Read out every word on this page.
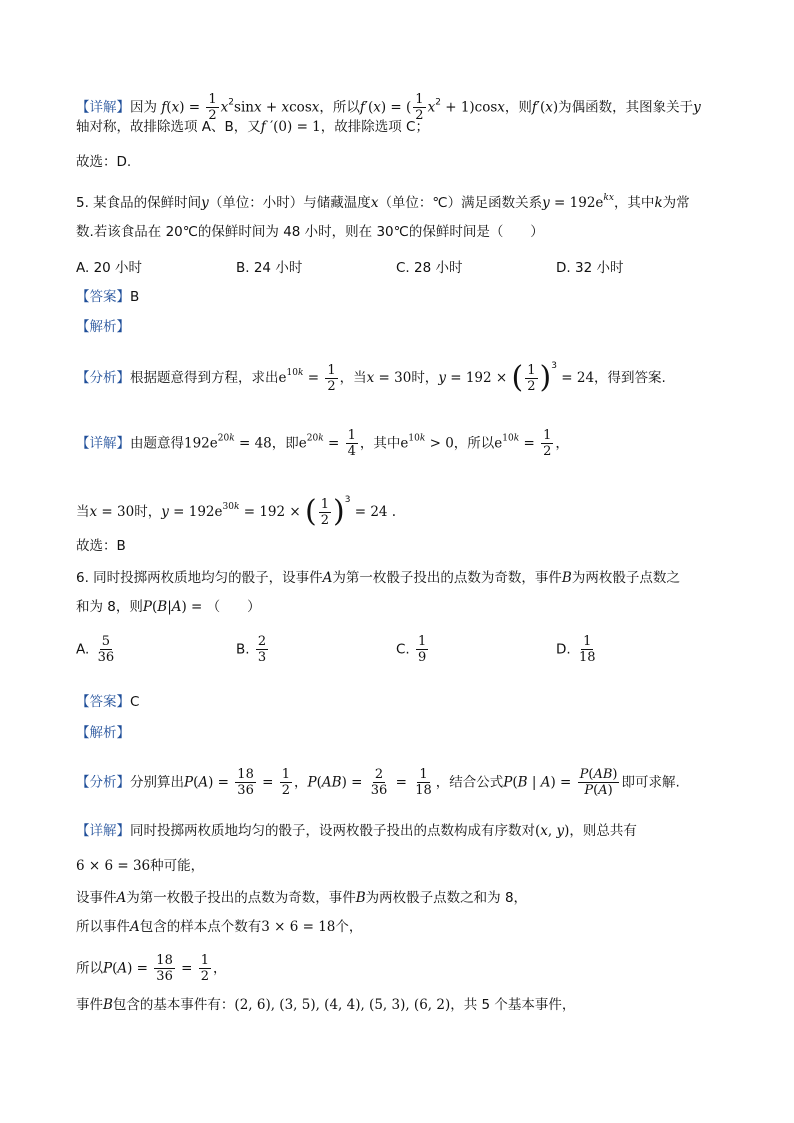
【详解】因为 $f(x) = \frac{1}{2} x^2\sin x + xcosx$，所以f′(x) = ( $\frac{1}{2} x^2 + 1)\cos x$，则f′(x)为偶函数，其图象关于y
轴对称，故排除选项 A、B，又f ′(0) = 1，故排除选项 C；
故选：D.
5. 某食品的保鲜时间y（单位：小时）与储藏温度x（单位：℃）满足函数关系$y = 192e^{kx}$，其中k为常
数.若该食品在 20℃的保鲜时间为 48 小时，则在 30℃的保鲜时间是（　　）
A. 20 小时	B. 24 小时	C. 28 小时	D. 32 小时
【答案】B
【解析】
【分析】根据题意得到方程，求出$e^{10k} = \frac{1}{2}$ ，当x = 30时，y = 192 × ( $\frac{1}{2} )^3 = 24$，得到答案.
【详解】由题意得$192e^{20k} = 48$，即$e^{20k} = \frac{1}{4}$ ，其中$e^{10k} > 0$，所以$e^{10k} = \frac{1}{2}$ ，
当x = 30时，$y = 192e^{30k} = 192$ × ( $\frac{1}{2} )^3 = 24$ .
故选：B
6. 同时投掷两枚质地均匀的骰子，设事件A为第一枚骰子投出的点数为奇数，事件B为两枚骰子点数之
和为 8，则P(B|A) = （　　）
A. $\frac{5}{36}$	B. $\frac{2}{3}$	C. $\frac{1}{9}$	D. $\frac{1}{18}$
【答案】C
【解析】
【分析】分别算出$P(A) = \frac{18}{36} = \frac{1}{2}$ ，$P(AB) = \frac{2}{36} = \frac{1}{18}$ ，结合公式P(B | $A) = \frac{P(AB)}{P(A)}$ 即可求解.
【详解】同时投掷两枚质地均匀的骰子，设两枚骰子投出的点数构成有序数对(x, y)，则总共有
6 × 6 = 36种可能，
设事件A为第一枚骰子投出的点数为奇数，事件B为两枚骰子点数之和为 8，
所以事件A包含的样本点个数有3 × 6 = 18个，
所以$P(A) = \frac{18}{36} = \frac{1}{2}$ ，
事件B包含的基本事件有：(2, 6), (3, 5), (4, 4), (5, 3), (6, 2)，共 5 个基本事件，
